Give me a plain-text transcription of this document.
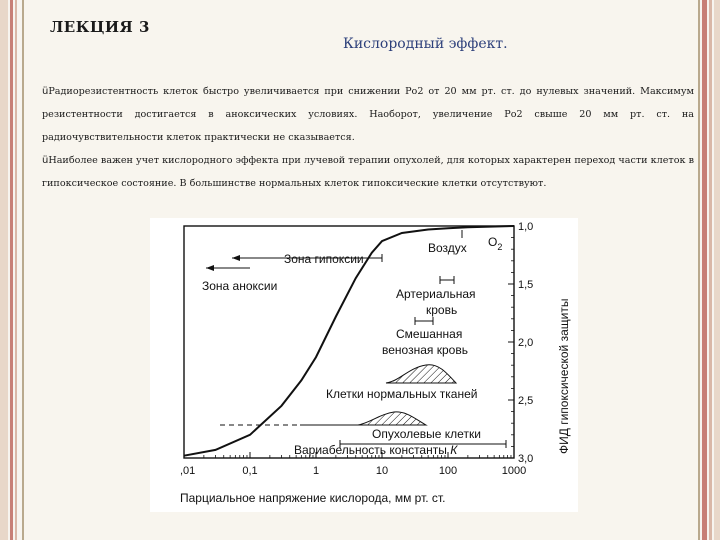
ЛЕКЦИЯ 3
Кислородный эффект.
üРадиорезистентность клеток быстро увеличивается при снижении Ро2 от 20 мм рт. ст. до нулевых значений. Максимум резистентности достигается в аноксических условиях. Наоборот, увеличение Ро2 свыше 20 мм рт. ст. на радиочувствительности клеток практически не сказывается.
üНаиболее важен учет кислородного эффекта при лучевой терапии опухолей, для которых характерен переход части клеток в гипоксическое состояние. В большинстве нормальных клеток гипоксические клетки отсутствуют.
,01	0,1	1	10	100	1000
1,0
1,5
2,0
2,5
3,0
Зона гипоксии
Зона аноксии
Воздух $O_2$
Артериальная
кровь
Смешанная
венозная кровь
Клетки нормальных тканей
Опухолевые клетки
Вариабельность константы К
Парциальное напряжение кислорода, мм рт. ст.
ФИД гипоксической защиты
